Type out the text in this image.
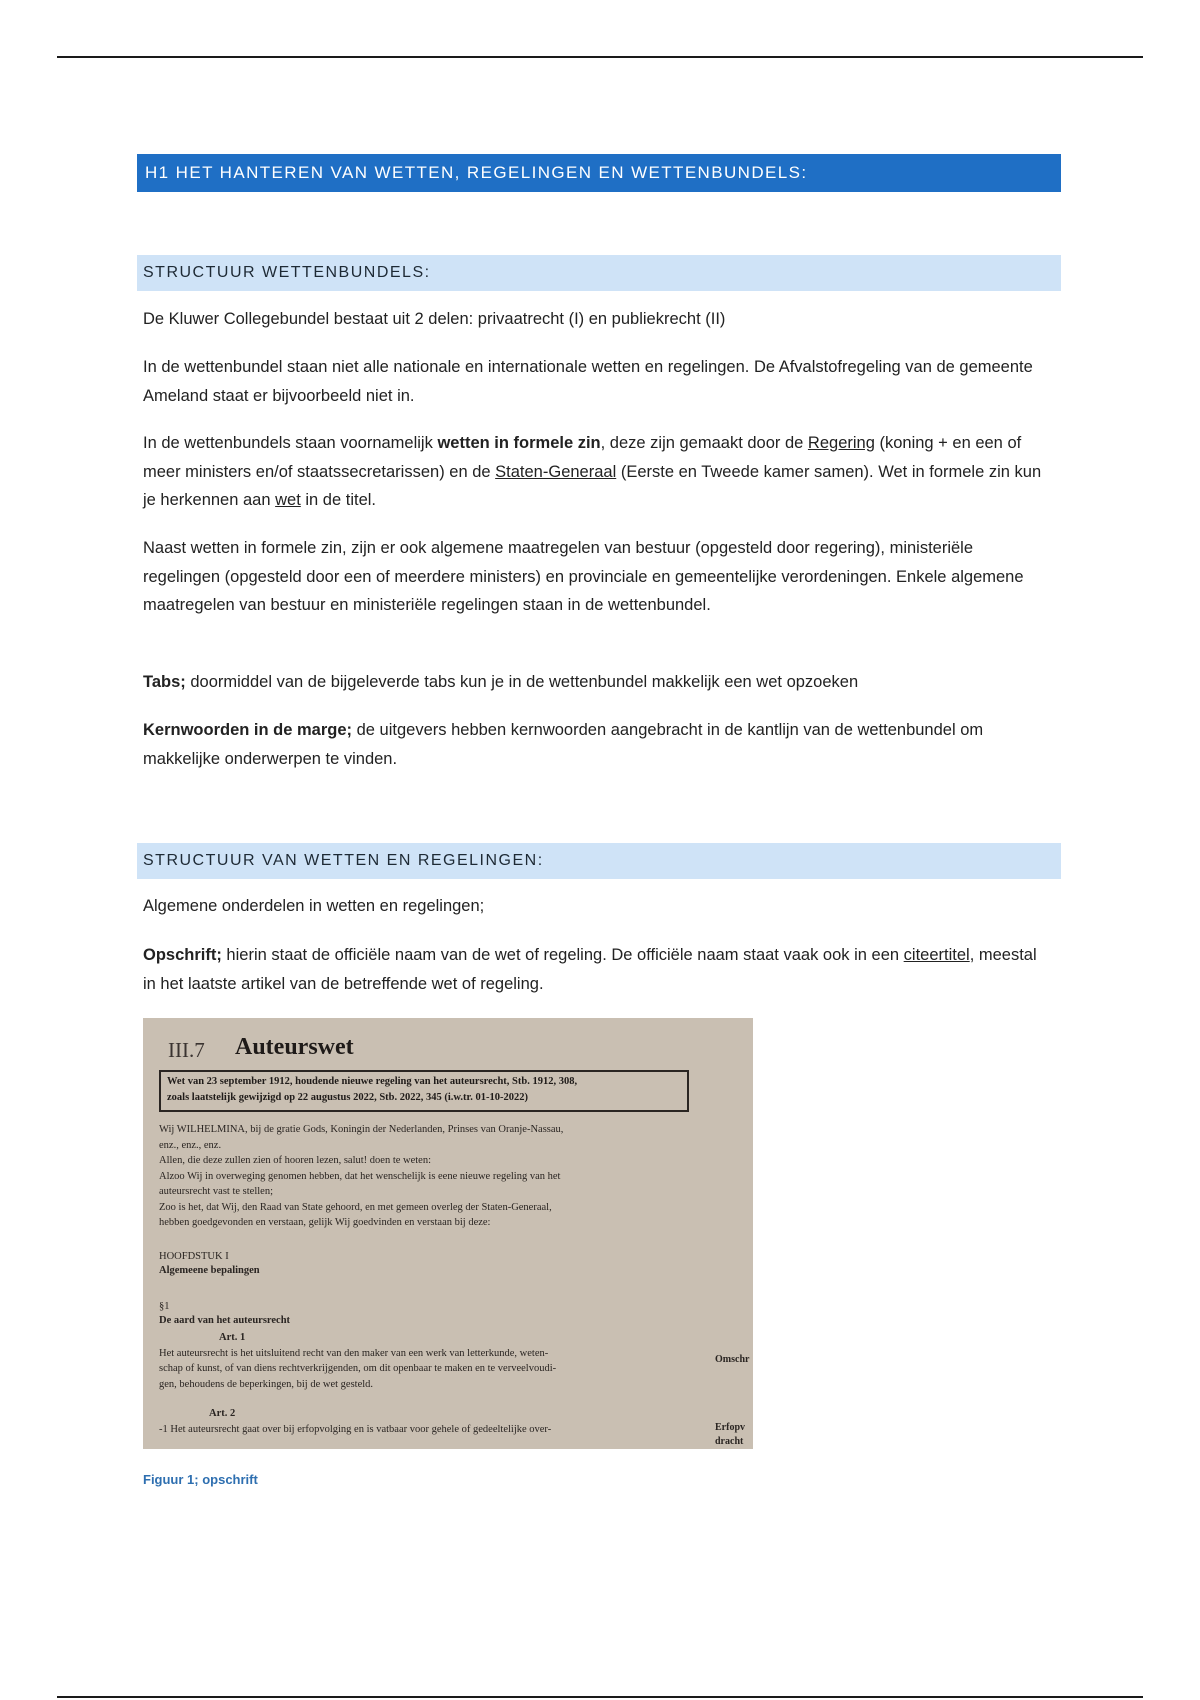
H1 HET HANTEREN VAN WETTEN, REGELINGEN EN WETTENBUNDELS:
STRUCTUUR WETTENBUNDELS:
De Kluwer Collegebundel bestaat uit 2 delen: privaatrecht (I) en publiekrecht (II)
In de wettenbundel staan niet alle nationale en internationale wetten en regelingen. De Afvalstofregeling van de gemeente Ameland staat er bijvoorbeeld niet in.
In de wettenbundels staan voornamelijk wetten in formele zin, deze zijn gemaakt door de Regering (koning + en een of meer ministers en/of staatssecretarissen) en de Staten-Generaal (Eerste en Tweede kamer samen). Wet in formele zin kun je herkennen aan wet in de titel.
Naast wetten in formele zin, zijn er ook algemene maatregelen van bestuur (opgesteld door regering), ministeriële regelingen (opgesteld door een of meerdere ministers) en provinciale en gemeentelijke verordeningen. Enkele algemene maatregelen van bestuur en ministeriële regelingen staan in de wettenbundel.
Tabs; doormiddel van de bijgeleverde tabs kun je in de wettenbundel makkelijk een wet opzoeken
Kernwoorden in de marge; de uitgevers hebben kernwoorden aangebracht in de kantlijn van de wettenbundel om makkelijke onderwerpen te vinden.
STRUCTUUR VAN WETTEN EN REGELINGEN:
Algemene onderdelen in wetten en regelingen;
Opschrift; hierin staat de officiële naam van de wet of regeling. De officiële naam staat vaak ook in een citeertitel, meestal in het laatste artikel van de betreffende wet of regeling.
III.7 Auteurswet
Wet van 23 september 1912, houdende nieuwe regeling van het auteursrecht, Stb. 1912, 308,
zoals laatstelijk gewijzigd op 22 augustus 2022, Stb. 2022, 345 (i.w.tr. 01-10-2022)
Wij WILHELMINA, bij de gratie Gods, Koningin der Nederlanden, Prinses van Oranje-Nassau,
enz., enz., enz.
Allen, die deze zullen zien of hooren lezen, salut! doen te weten:
Alzoo Wij in overweging genomen hebben, dat het wenschelijk is eene nieuwe regeling van het
auteursrecht vast te stellen;
Zoo is het, dat Wij, den Raad van State gehoord, en met gemeen overleg der Staten-Generaal,
hebben goedgevonden en verstaan, gelijk Wij goedvinden en verstaan bij deze:
HOOFDSTUK I
Algemeene bepalingen
§1
De aard van het auteursrecht
Art. 1
Het auteursrecht is het uitsluitend recht van den maker van een werk van letterkunde, weten-
schap of kunst, of van diens rechtverkrijgenden, om dit openbaar te maken en te verveelvoudi-
gen, behoudens de beperkingen, bij de wet gesteld.
Art. 2
-1 Het auteursrecht gaat over bij erfopvolging en is vatbaar voor gehele of gedeeltelijke over-
Omschr
Erfopv
dracht
Figuur 1; opschrift
